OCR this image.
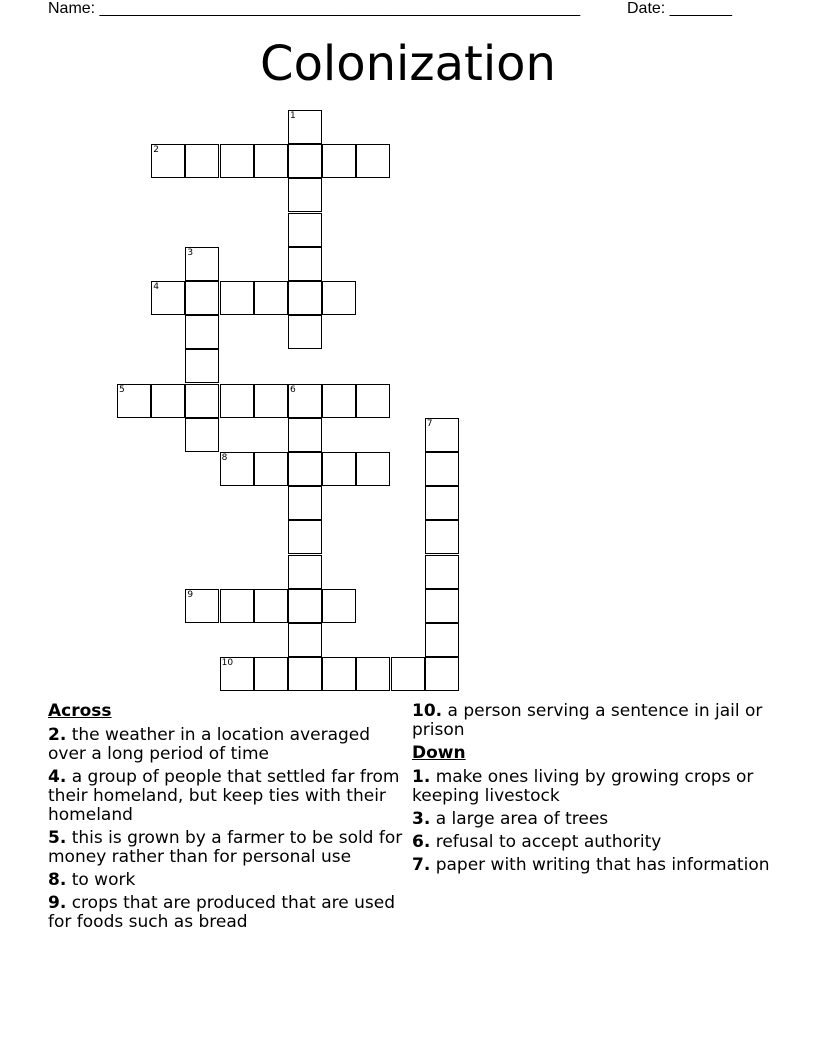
Name: ______________________________________________________	Date: _______
Colonization
1
2
3
4
5	6
7
8
9
10
Across
2. the weather in a location averaged over a long period of time
4. a group of people that settled far from their homeland, but keep ties with their homeland
5. this is grown by a farmer to be sold for money rather than for personal use
8. to work
9. crops that are produced that are used for foods such as bread
10. a person serving a sentence in jail or prison
Down
1. make ones living by growing crops or keeping livestock
3. a large area of trees
6. refusal to accept authority
7. paper with writing that has information
